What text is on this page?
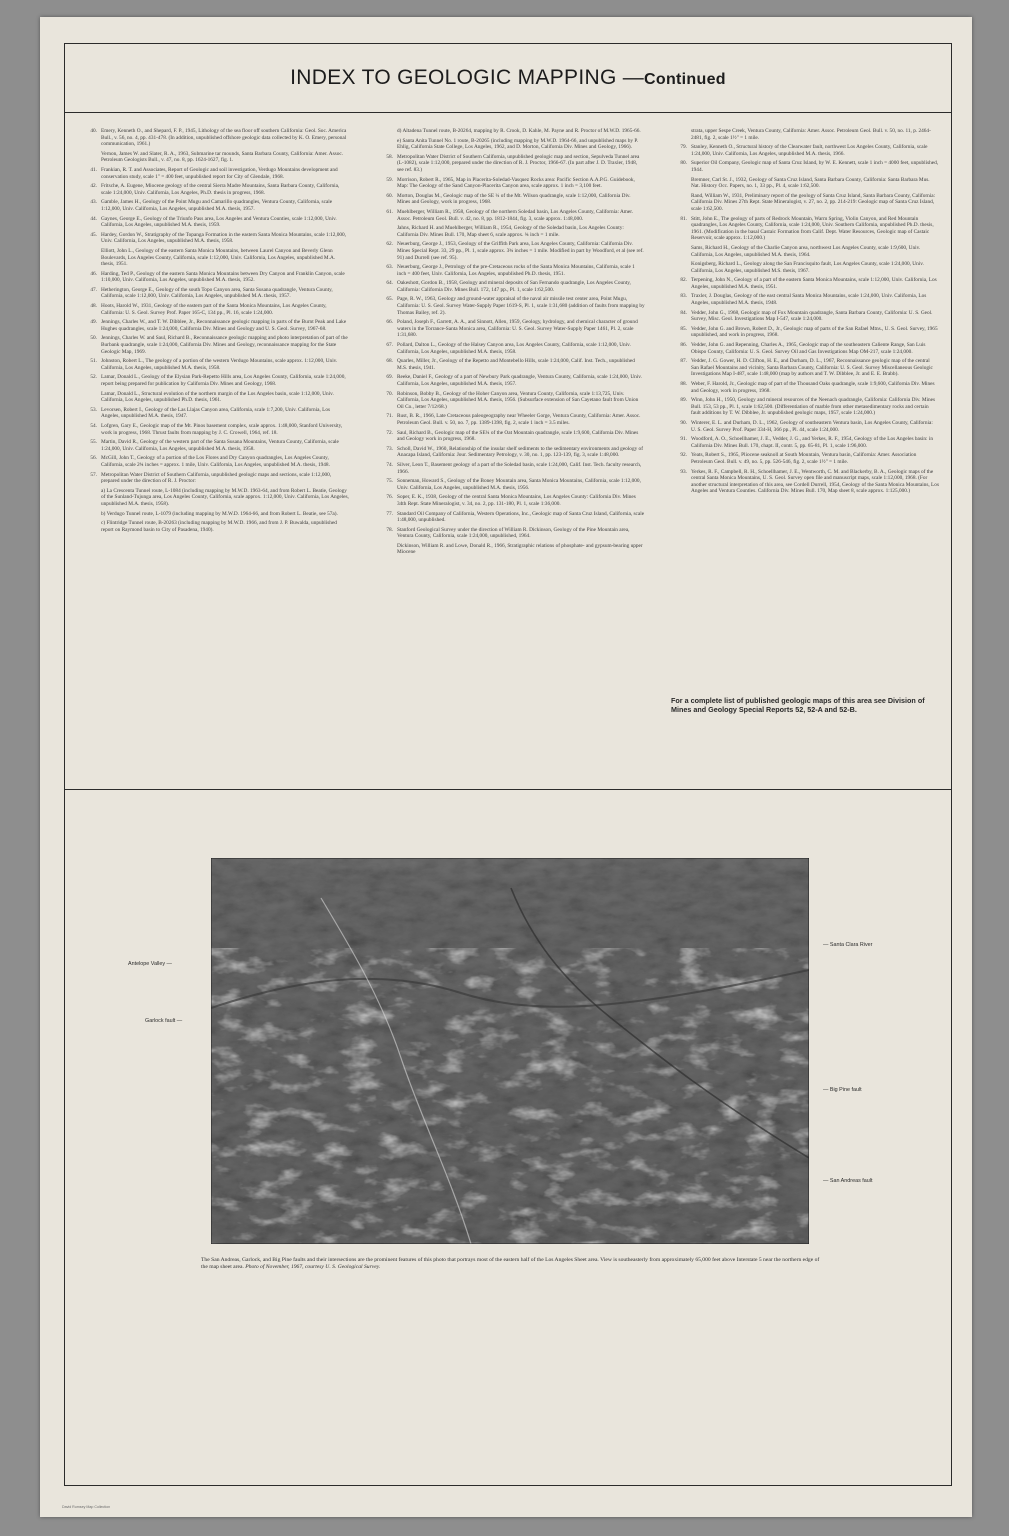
INDEX TO GEOLOGIC MAPPING —Continued
40. Emery, Kenneth O., and Shepard, F. P., 1945, Lithology of the sea floor off southern California: Geol. Soc. America Bull., v. 56, no. 4, pp. 431-478. (In addition, unpublished offshore geologic data collected by K. O. Emery, personal communication, 1961.)
Vernon, James W. and Slater, R. A., 1963, Submarine tar mounds, Santa Barbara County, California: Amer. Assoc. Petroleum Geologists Bull., v. 47, no. 8, pp. 1624-1627, fig. 1.
41. Frankian, R. T. and Associates, Report of Geologic and soil investigation, Verdugo Mountains development and conservation study, scale 1" = 400 feet, unpublished report for City of Glendale, 1968.
42. Fritsche, A. Eugene, Miocene geology of the central Sierra Madre Mountains, Santa Barbara County, California, scale 1:24,000, Univ. California, Los Angeles, Ph.D. thesis in progress, 1968.
43. Gamble, James H., Geology of the Point Mugu and Camarillo quadrangles, Ventura County, California, scale 1:12,000, Univ. California, Los Angeles, unpublished M.A. thesis, 1957.
44. Gaynes, George E., Geology of the Triunfo Pass area, Los Angeles and Ventura Counties, scale 1:12,000, Univ. California, Los Angeles, unpublished M.A. thesis, 1959.
45. Hardey, Gordon W., Stratigraphy of the Topanga Formation in the eastern Santa Monica Mountains, scale 1:12,000, Univ. California, Los Angeles, unpublished M.A. thesis, 1958.
Elliott, John L., Geology of the eastern Santa Monica Mountains, between Laurel Canyon and Beverly Glenn Boulevards, Los Angeles County, California, scale 1:12,000, Univ. California, Los Angeles, unpublished M.A. thesis, 1951.
46. Harding, Ted P., Geology of the eastern Santa Monica Mountains between Dry Canyon and Franklin Canyon, scale 1:10,000, Univ. California, Los Angeles, unpublished M.A. thesis, 1952.
47. Hetherington, George E., Geology of the south Topo Canyon area, Santa Susana quadrangle, Ventura County, California, scale 1:12,000, Univ. California, Los Angeles, unpublished M.A. thesis, 1957.
48. Hoots, Harold W., 1931, Geology of the eastern part of the Santa Monica Mountains, Los Angeles County, California: U. S. Geol. Survey Prof. Paper 165-C, 134 pp., Pl. 16, scale 1:24,000.
49. Jennings, Charles W., and T. W. Dibblee, Jr., Reconnaissance geologic mapping in parts of the Burnt Peak and Lake Hughes quadrangles, scale 1:24,000, California Div. Mines and Geology and U. S. Geol. Survey, 1967-68.
50. Jennings, Charles W. and Saul, Richard B., Reconnaissance geologic mapping and photo interpretation of part of the Burbank quadrangle, scale 1:24,000, California Div. Mines and Geology, reconnaissance mapping for the State Geologic Map, 1969.
51. Johnston, Robert L., The geology of a portion of the western Verdugo Mountains, scale approx. 1:12,000, Univ. California, Los Angeles, unpublished M.A. thesis, 1958.
52. Lamar, Donald L., Geology of the Elysian Park-Repetto Hills area, Los Angeles County, California, scale 1:24,000, report being prepared for publication by California Div. Mines and Geology, 1968.
Lamar, Donald L., Structural evolution of the northern margin of the Los Angeles basin, scale 1:12,000, Univ. California, Los Angeles, unpublished Ph.D. thesis, 1961.
53. Levorsen, Robert I., Geology of the Las Llajas Canyon area, California, scale 1:7,200, Univ. California, Los Angeles, unpublished M.A. thesis, 1947.
54. Lofgren, Gary E., Geologic map of the Mt. Pinos basement complex, scale approx. 1:48,000, Stanford University, work in progress, 1968. Thrust faults from mapping by J. C. Crowell, 1964, ref. 18.
55. Martin, David R., Geology of the western part of the Santa Susana Mountains, Ventura County, California, scale 1:24,000, Univ. California, Los Angeles, unpublished M.A. thesis, 1958.
56. McGill, John T., Geology of a portion of the Los Flores and Dry Canyon quadrangles, Los Angeles County, California, scale 2¾ inches = approx. 1 mile, Univ. California, Los Angeles, unpublished M.A. thesis, 1948.
57. Metropolitan Water District of Southern California, unpublished geologic maps and sections, scale 1:12,000, prepared under the direction of R. J. Proctor:
a) La Crescenta Tunnel route, L-1084 (including mapping by M.W.D. 1963-64, and from Robert L. Beatie, Geology of the Sunland-Tujunga area, Los Angeles County, California, scale approx. 1:12,000, Univ. California, Los Angeles, unpublished M.A. thesis, 1958).
b) Verdugo Tunnel route, L-1079 (including mapping by M.W.D. 1964-66, and from Robert L. Beatie, see 57a).
c) Flintridge Tunnel route, B-20263 (including mapping by M.W.D. 1966, and from J. P. Buwalda, unpublished report on Raymond basin to City of Pasadena, 1940).
d) Altadena Tunnel route, B-20264, mapping by R. Crook, D. Kahle, M. Payne and R. Proctor of M.W.D. 1965-66.
e) Santa Anita Tunnel No. 1 route, B-20265 (including mapping by M.W.D. 1964-66, and unpublished maps by P. Ehlig, California State College, Los Angeles, 1962, and D. Morton, California Div. Mines and Geology, 1966).
58. Metropolitan Water District of Southern California, unpublished geologic map and section, Sepulveda Tunnel area (L-1082), scale 1:12,000, prepared under the direction of R. J. Proctor, 1966-67. (In part after J. D. Traxler, 1948, see ref. 83.)
59. Morrison, Robert R., 1965, Map in Placerita-Soledad-Vasquez Rocks area: Pacific Section A.A.P.G. Guidebook, Map: The Geology of the Sand Canyon-Placerita Canyon area, scale approx. 1 inch = 3,100 feet.
60. Morton, Douglas M., Geologic map of the SE ¼ of the Mt. Wilson quadrangle, scale 1:12,000, California Div. Mines and Geology, work in progress, 1968.
61. Muehlberger, William R., 1958, Geology of the northern Soledad basin, Los Angeles County, California: Amer. Assoc. Petroleum Geol. Bull. v. 42, no. 8, pp. 1812-1844, fig. 3, scale approx. 1:48,000.
Jahns, Richard H. and Muehlberger, William R., 1954, Geology of the Soledad basin, Los Angeles County: California Div. Mines Bull. 170, Map sheet 6, scale approx. ¾ inch = 1 mile.
62. Neuerburg, George J., 1953, Geology of the Griffith Park area, Los Angeles County, California: California Div. Mines Special Rept. 33, 29 pp., Pl. 1, scale approx. 3¾ inches = 1 mile. Modified in part by Woodford, et al (see ref. 91) and Durrell (see ref. 95).
63. Neuerburg, George J., Petrology of the pre-Cretaceous rocks of the Santa Monica Mountains, California, scale 1 inch = 400 feet, Univ. California, Los Angeles, unpublished Ph.D. thesis, 1951.
64. Oakeshott, Gordon B., 1958, Geology and mineral deposits of San Fernando quadrangle, Los Angeles County, California: California Div. Mines Bull. 172, 147 pp., Pl. 1, scale 1:62,500.
65. Page, R. W., 1963, Geology and ground-water appraisal of the naval air missile test center area, Point Mugu, California: U. S. Geol. Survey Water-Supply Paper 1619-S, Pl. 1, scale 1:31,680 (addition of faults from mapping by Thomas Bailey, ref. 2).
66. Poland, Joseph F., Garrett, A. A., and Sinnott, Allen, 1959, Geology, hydrology, and chemical character of ground waters in the Torrance-Santa Monica area, California: U. S. Geol. Survey Water-Supply Paper 1461, Pl. 2, scale 1:31,680.
67. Pollard, Dalton L., Geology of the Halsey Canyon area, Los Angeles County, California, scale 1:12,000, Univ. California, Los Angeles, unpublished M.A. thesis, 1958.
68. Quarles, Miller, Jr., Geology of the Repetto and Montebello Hills, scale 1:24,000, Calif. Inst. Tech., unpublished M.S. thesis, 1941.
69. Reeke, Daniel F., Geology of a part of Newbury Park quadrangle, Ventura County, California, scale 1:24,000, Univ. California, Los Angeles, unpublished M.A. thesis, 1957.
70. Robinson, Bobby B., Geology of the Hoher Canyon area, Ventura County, California, scale 1:13,725, Univ. California, Los Angeles, unpublished M.A. thesis, 1956. (Subsurface extension of San Cayetano fault from Union Oil Co., letter 7/12/68.)
71. Rust, B. R., 1966, Late Cretaceous paleogeography near Wheeler Gorge, Ventura County, California: Amer. Assoc. Petroleum Geol. Bull. v. 50, no. 7, pp. 1389-1398, fig. 2, scale 1 inch = 3.5 miles.
72. Saul, Richard B., Geologic map of the SE¼ of the Oat Mountain quadrangle, scale 1:9,600, California Div. Mines and Geology work in progress, 1968.
73. Scholl, David W., 1960, Relationship of the insular shelf sediments to the sedimentary environments and geology of Anacapa Island, California: Jour. Sedimentary Petrology, v. 30, no. 1, pp. 123-139, fig. 3, scale 1:48,000.
74. Silver, Leon T., Basement geology of a part of the Soledad basin, scale 1:24,000, Calif. Inst. Tech. faculty research, 1966.
75. Sonneman, Howard S., Geology of the Boney Mountain area, Santa Monica Mountains, California, scale 1:12,000, Univ. California, Los Angeles, unpublished M.A. thesis, 1956.
76. Soper, E. K., 1938, Geology of the central Santa Monica Mountains, Los Angeles County: California Div. Mines 34th Rept. State Mineralogist, v. 34, no. 2, pp. 131-180, Pl. 1, scale 1:36,000.
77. Standard Oil Company of California, Western Operations, Inc., Geologic map of Santa Cruz Island, California, scale 1:48,000, unpublished.
78. Stanford Geological Survey under the direction of William R. Dickinson, Geology of the Pine Mountain area, Ventura County, California, scale 1:24,000, unpublished, 1964.
Dickinson, William R. and Lowe, Donald R., 1966, Stratigraphic relations of phosphate- and gypsum-bearing upper Miocene
strata, upper Sespe Creek, Ventura County, California: Amer. Assoc. Petroleum Geol. Bull. v. 50, no. 11, p. 2464-2481, fig. 2, scale 1½" = 1 mile.
79. Stanley, Kenneth O., Structural history of the Clearwater fault, northwest Los Angeles County, California, scale 1:24,000, Univ. California, Los Angeles, unpublished M.A. thesis, 1966.
80. Superior Oil Company, Geologic map of Santa Cruz Island, by W. E. Kennett, scale 1 inch = 4000 feet, unpublished, 1944.
Bremner, Carl St. J., 1932, Geology of Santa Cruz Island, Santa Barbara County, California: Santa Barbara Mus. Nat. History Occ. Papers, no. 1, 33 pp., Pl. 4, scale 1:62,500.
Rand, William W., 1931, Preliminary report of the geology of Santa Cruz Island, Santa Barbara County, California: California Div. Mines 27th Rept. State Mineralogist, v. 27, no. 2, pp. 214-219: Geologic map of Santa Cruz Island, scale 1:62,500.
81. Stitt, John E., The geology of parts of Redrock Mountain, Warm Spring, Violin Canyon, and Red Mountain quadrangles, Los Angeles County, California, scale 1:24,000, Univ. Southern California, unpublished Ph.D. thesis, 1961. (Modification in the basal Castaic Formation from Calif. Dept. Water Resources, Geologic map of Castaic Reservoir, scale approx. 1:12,000.)
Sams, Richard H., Geology of the Charlie Canyon area, northwest Los Angeles County, scale 1:9,600, Univ. California, Los Angeles, unpublished M.A. thesis, 1964.
Konigsberg, Richard L., Geology along the San Francisquito fault, Los Angeles County, scale 1:24,000, Univ. California, Los Angeles, unpublished M.S. thesis, 1967.
82. Terpening, John N., Geology of a part of the eastern Santa Monica Mountains, scale 1:12,000, Univ. California, Los Angeles, unpublished M.A. thesis, 1951.
83. Traxler, J. Douglas, Geology of the east central Santa Monica Mountains, scale 1:24,000, Univ. California, Los Angeles, unpublished M.A. thesis, 1948.
84. Vedder, John G., 1968, Geologic map of Fox Mountain quadrangle, Santa Barbara County, California: U. S. Geol. Survey, Misc. Geol. Investigations Map I-547, scale 1:24,000.
85. Vedder, John G. and Brown, Robert D., Jr., Geologic map of parts of the San Rafael Mtns., U. S. Geol. Survey, 1965 unpublished, and work in progress, 1968.
86. Vedder, John G. and Repenning, Charles A., 1965, Geologic map of the southeastern Caliente Range, San Luis Obispo County, California: U. S. Geol. Survey Oil and Gas Investigations Map OM-217, scale 1:24,000.
87. Vedder, J. G. Gower, H. D. Clifton, H. E., and Durham, D. L., 1967, Reconnaissance geologic map of the central San Rafael Mountains and vicinity, Santa Barbara County, California: U. S. Geol. Survey Miscellaneous Geologic Investigations Map I-487, scale 1:48,000 (map by authors and T. W. Dibblee, Jr. and E. E. Brabb).
88. Weber, F. Harold, Jr., Geologic map of part of the Thousand Oaks quadrangle, scale 1:9,600, California Div. Mines and Geology, work in progress, 1968.
89. Winn, John H., 1950, Geology and mineral resources of the Neenach quadrangle, California: California Div. Mines Bull. 153, 53 pp., Pl. 1, scale 1:62,500. (Differentiation of marble from other metasedimentary rocks and certain fault additions by T. W. Dibblee, Jr. unpublished geologic maps, 1957, scale 1:24,000.)
90. Winterer, E. L. and Durham, D. L., 1962, Geology of southeastern Ventura basin, Los Angeles County, California: U. S. Geol. Survey Prof. Paper 334-H, 366 pp., Pl. 44, scale 1:24,000.
91. Woodford, A. O., Schoellhamer, J. E., Vedder, J. G., and Yerkes, R. F., 1954, Geology of the Los Angeles basin: in California Div. Mines Bull. 170, chapt. II, contr. 5, pp. 65-81, Pl. 1, scale 1:96,000.
92. Yeats, Robert S., 1965, Pliocene seaknoll at South Mountain, Ventura basin, California: Amer. Association Petroleum Geol. Bull. v. 49, no. 5, pp. 526-546, fig. 2, scale 1½" = 1 mile.
93. Yerkes, R. F., Campbell, R. H., Schoellhamer, J. E., Wentworth, C. M. and Blackerby, B. A., Geologic maps of the central Santa Monica Mountains, U. S. Geol. Survey open file and manuscript maps, scale 1:12,000, 1968. (For another structural interpretation of this area, see Cordell Durrell, 1954, Geology of the Santa Monica Mountains, Los Angeles and Ventura Counties. California Div. Mines Bull. 170, Map sheet 8, scale approx. 1:125,000.)
For a complete list of published geologic maps of this area see Division of Mines and Geology Special Reports 52, 52-A and 52-B.
— Santa Clara River
Antelope Valley —
Garlock fault —
— Big Pine fault
— San Andreas fault
The San Andreas, Garlock, and Big Pine faults and their intersections are the prominent features of this photo that portrays most of the eastern half of the Los Angeles Sheet area. View is southeasterly from approximately 65,000 feet above Interstate 5 near the northern edge of the map sheet area. Photo of November, 1967, courtesy U. S. Geological Survey.
David Rumsey Map Collection
